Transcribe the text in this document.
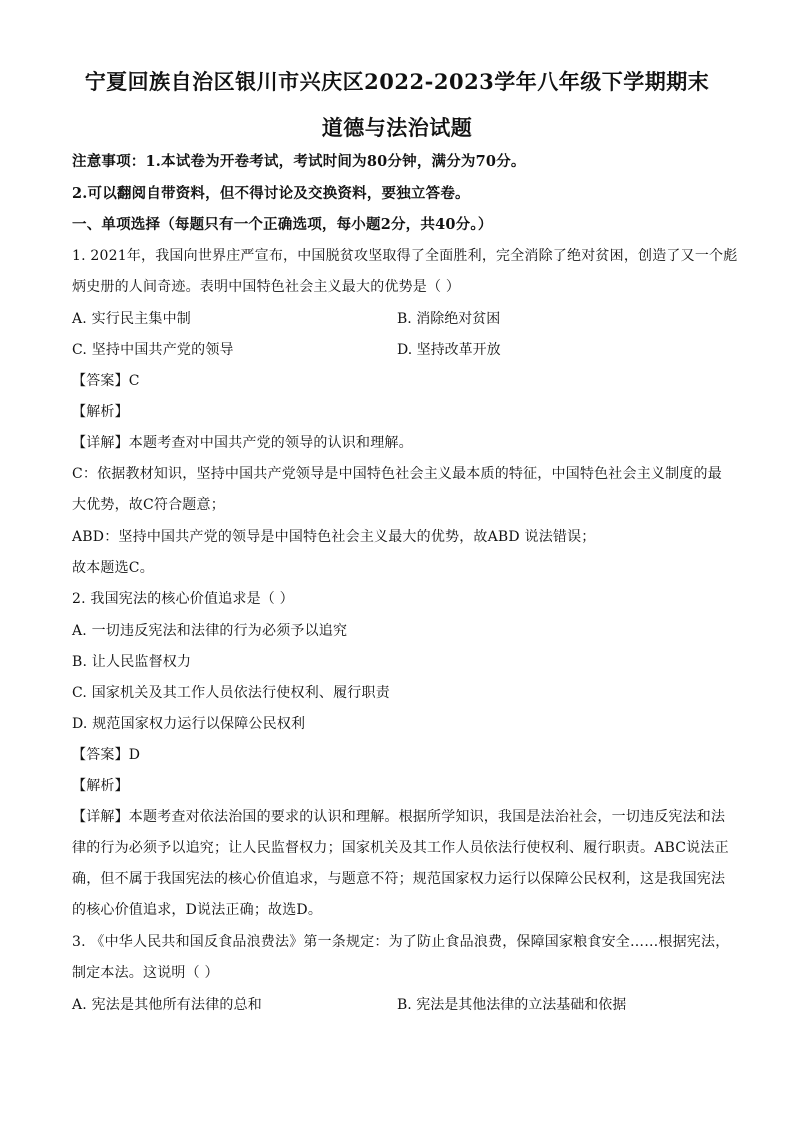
宁夏回族自治区银川市兴庆区2022-2023学年八年级下学期期末
道德与法治试题
注意事项：1.本试卷为开卷考试，考试时间为80分钟，满分为70分。
2.可以翻阅自带资料，但不得讨论及交换资料，要独立答卷。
一、单项选择（每题只有一个正确选项，每小题2分，共40分。）
1. 2021年，我国向世界庄严宣布，中国脱贫攻坚取得了全面胜利，完全消除了绝对贫困，创造了又一个彪
炳史册的人间奇迹。表明中国特色社会主义最大的优势是（ ）
A. 实行民主集中制	B. 消除绝对贫困
C. 坚持中国共产党的领导	D. 坚持改革开放
【答案】C
【解析】
【详解】本题考查对中国共产党的领导的认识和理解。
C：依据教材知识，坚持中国共产党领导是中国特色社会主义最本质的特征，中国特色社会主义制度的最
大优势，故C符合题意；
ABD：坚持中国共产党的领导是中国特色社会主义最大的优势，故ABD 说法错误；
故本题选C。
2. 我国宪法的核心价值追求是（ ）
A. 一切违反宪法和法律的行为必须予以追究
B. 让人民监督权力
C. 国家机关及其工作人员依法行使权利、履行职责
D. 规范国家权力运行以保障公民权利
【答案】D
【解析】
【详解】本题考查对依法治国的要求的认识和理解。根据所学知识，我国是法治社会，一切违反宪法和法
律的行为必须予以追究；让人民监督权力；国家机关及其工作人员依法行使权利、履行职责。ABC说法正
确，但不属于我国宪法的核心价值追求，与题意不符；规范国家权力运行以保障公民权利，这是我国宪法
的核心价值追求，D说法正确；故选D。
3. 《中华人民共和国反食品浪费法》第一条规定：为了防止食品浪费，保障国家粮食安全……根据宪法，
制定本法。这说明（ ）
A. 宪法是其他所有法律的总和	B. 宪法是其他法律的立法基础和依据
